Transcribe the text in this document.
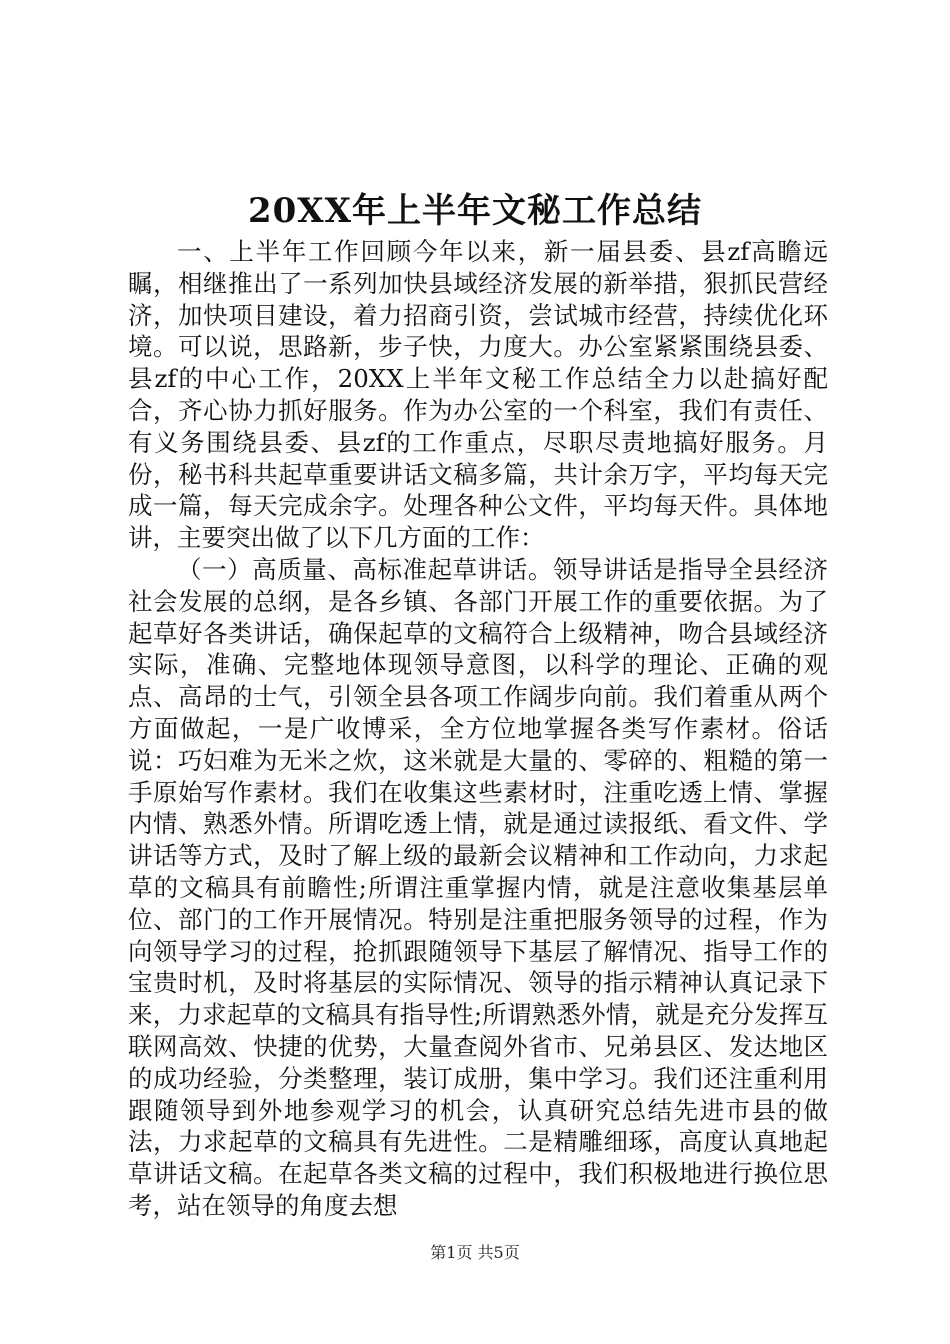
20XX年上半年文秘工作总结

一、上半年工作回顾今年以来，新一届县委、县zf高瞻远瞩，相继推出了一系列加快县域经济发展的新举措，狠抓民营经济，加快项目建设，着力招商引资，尝试城市经营，持续优化环境。可以说，思路新，步子快，力度大。办公室紧紧围绕县委、县zf的中心工作，20XX上半年文秘工作总结全力以赴搞好配合，齐心协力抓好服务。作为办公室的一个科室，我们有责任、有义务围绕县委、县zf的工作重点，尽职尽责地搞好服务。月份，秘书科共起草重要讲话文稿多篇，共计余万字，平均每天完成一篇，每天完成余字。处理各种公文件，平均每天件。具体地讲，主要突出做了以下几方面的工作：

（一）高质量、高标准起草讲话。领导讲话是指导全县经济社会发展的总纲，是各乡镇、各部门开展工作的重要依据。为了起草好各类讲话，确保起草的文稿符合上级精神，吻合县域经济实际，准确、完整地体现领导意图，以科学的理论、正确的观点、高昂的士气，引领全县各项工作阔步向前。我们着重从两个方面做起，一是广收博采，全方位地掌握各类写作素材。俗话说：巧妇难为无米之炊，这米就是大量的、零碎的、粗糙的第一手原始写作素材。我们在收集这些素材时，注重吃透上情、掌握内情、熟悉外情。所谓吃透上情，就是通过读报纸、看文件、学讲话等方式，及时了解上级的最新会议精神和工作动向，力求起草的文稿具有前瞻性;所谓注重掌握内情，就是注意收集基层单位、部门的工作开展情况。特别是注重把服务领导的过程，作为向领导学习的过程，抢抓跟随领导下基层了解情况、指导工作的宝贵时机，及时将基层的实际情况、领导的指示精神认真记录下来，力求起草的文稿具有指导性;所谓熟悉外情，就是充分发挥互联网高效、快捷的优势，大量查阅外省市、兄弟县区、发达地区的成功经验，分类整理，装订成册，集中学习。我们还注重利用跟随领导到外地参观学习的机会，认真研究总结先进市县的做法，力求起草的文稿具有先进性。二是精雕细琢，高度认真地起草讲话文稿。在起草各类文稿的过程中，我们积极地进行换位思考，站在领导的角度去想

第1页 共5页
